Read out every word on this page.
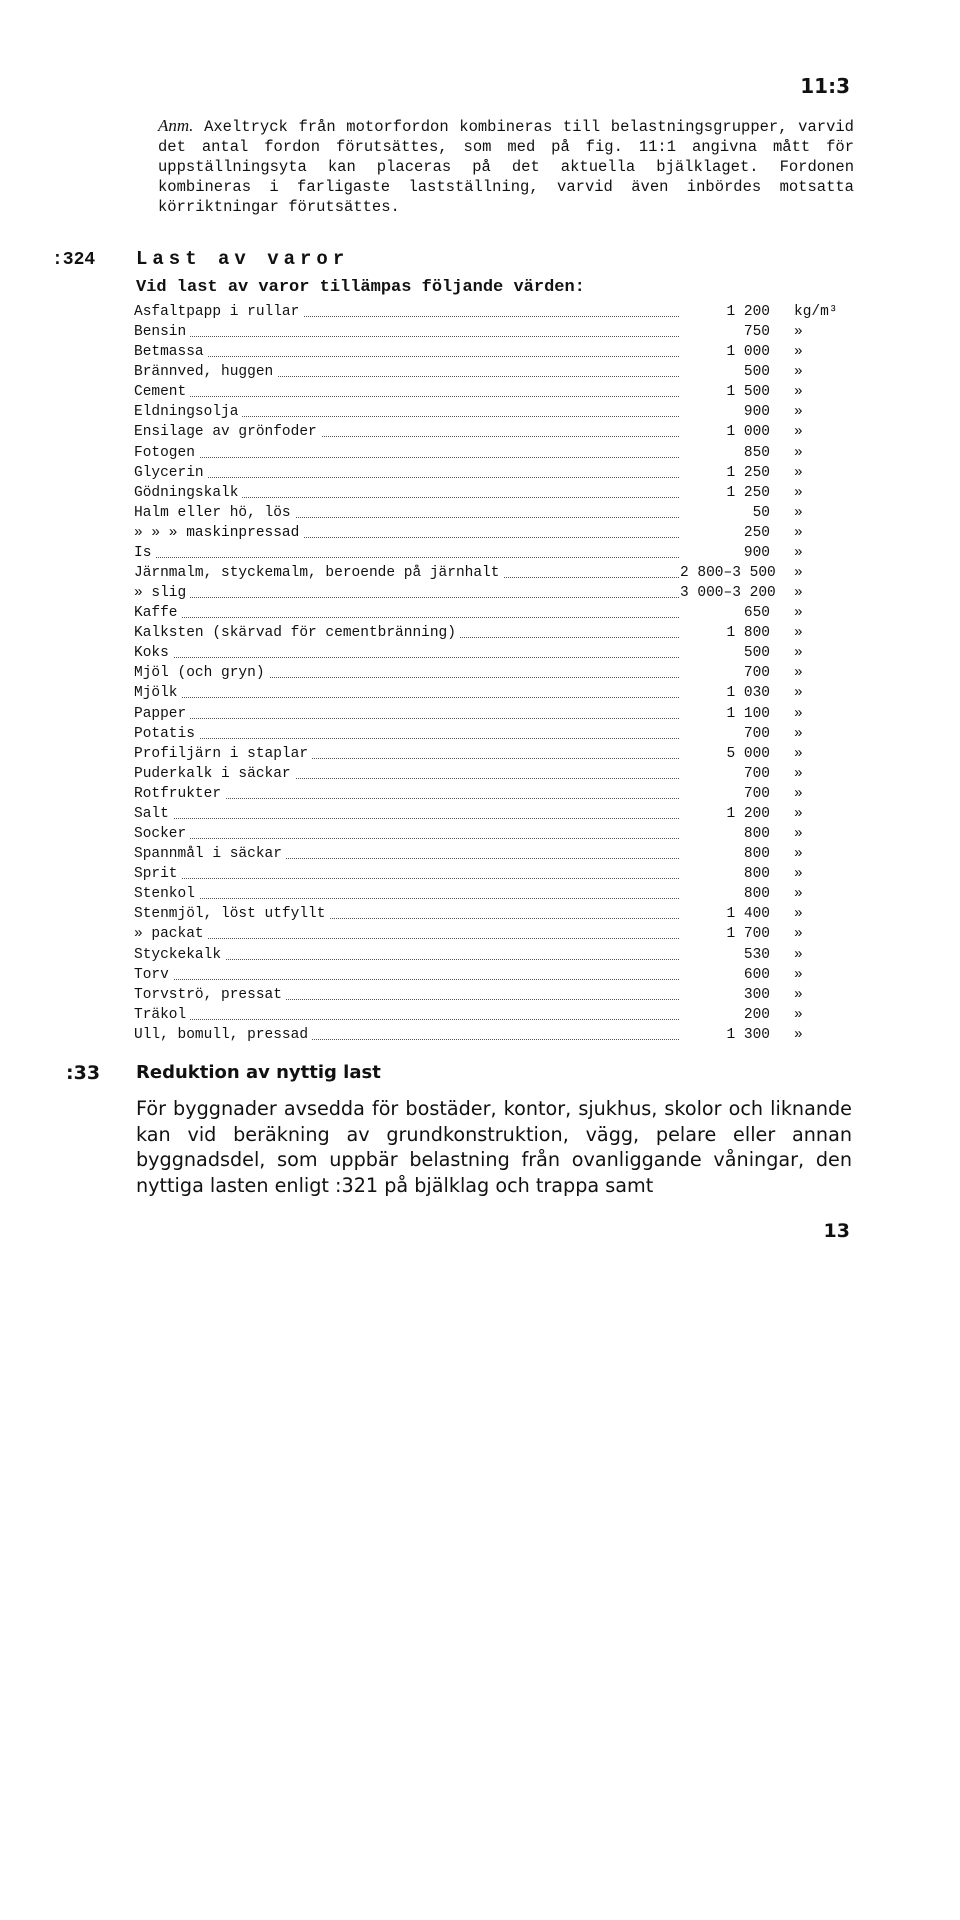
11:3
Anm. Axeltryck från motorfordon kombineras till belastningsgrupper, varvid det antal fordon förutsättes, som med på fig. 11:1 angivna mått för uppställningsyta kan placeras på det aktuella bjälklaget. Fordonen kombineras i farligaste lastställning, varvid även inbördes motsatta körriktningar förutsättes.
:324 Last av varor
Vid last av varor tillämpas följande värden:
Asfaltpapp i rullar	1 200 kg/m³
Bensin	750 »
Betmassa	1 000 »
Brännved, huggen	500 »
Cement	1 500 »
Eldningsolja	900 »
Ensilage av grönfoder	1 000 »
Fotogen	850 »
Glycerin	1 250 »
Gödningskalk	1 250 »
Halm eller hö, lös	50 »
» » » maskinpressad	250 »
Is	900 »
Järnmalm, styckemalm, beroende på järnhalt	2 800–3 500 »
» slig	3 000–3 200 »
Kaffe	650 »
Kalksten (skärvad för cementbränning)	1 800 »
Koks	500 »
Mjöl (och gryn)	700 »
Mjölk	1 030 »
Papper	1 100 »
Potatis	700 »
Profiljärn i staplar	5 000 »
Puderkalk i säckar	700 »
Rotfrukter	700 »
Salt	1 200 »
Socker	800 »
Spannmål i säckar	800 »
Sprit	800 »
Stenkol	800 »
Stenmjöl, löst utfyllt	1 400 »
» packat	1 700 »
Styckekalk	530 »
Torv	600 »
Torvströ, pressat	300 »
Träkol	200 »
Ull, bomull, pressad	1 300 »
:33 Reduktion av nyttig last
För byggnader avsedda för bostäder, kontor, sjukhus, skolor och liknande kan vid beräkning av grundkonstruktion, vägg, pelare eller annan byggnadsdel, som uppbär belastning från ovanliggande våningar, den nyttiga lasten enligt :321 på bjälklag och trappa samt
13
